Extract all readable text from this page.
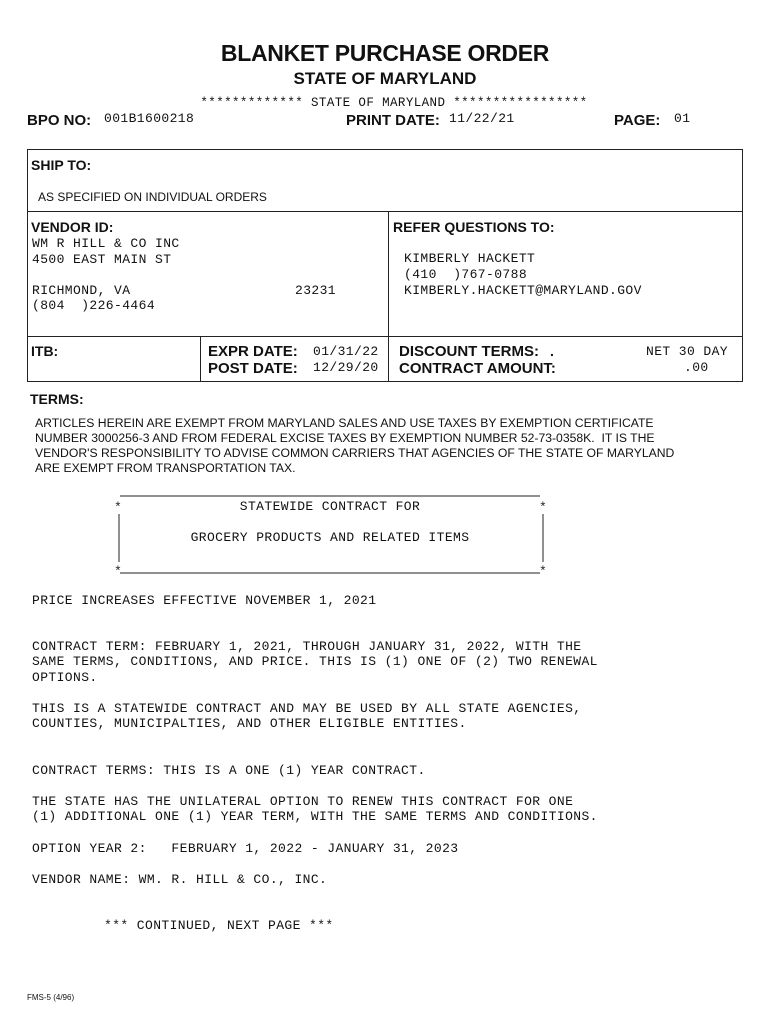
BLANKET PURCHASE ORDER
STATE OF MARYLAND
************* STATE OF MARYLAND *****************
BPO NO: 001B1600218	PRINT DATE: 11/22/21	PAGE: 01
SHIP TO:
AS SPECIFIED ON INDIVIDUAL ORDERS
VENDOR ID:
WM R HILL & CO INC
4500 EAST MAIN ST
RICHMOND, VA	23231
(804  )226-4464
REFER QUESTIONS TO:
KIMBERLY HACKETT
(410  )767-0788
KIMBERLY.HACKETT@MARYLAND.GOV
ITB:	EXPR DATE: 01/31/22
POST DATE: 12/29/20
DISCOUNT TERMS: .	NET 30 DAY
CONTRACT AMOUNT:	.00
TERMS:
ARTICLES HEREIN ARE EXEMPT FROM MARYLAND SALES AND USE TAXES BY EXEMPTION CERTIFICATE
NUMBER 3000256-3 AND FROM FEDERAL EXCISE TAXES BY EXEMPTION NUMBER 52-73-0358K.  IT IS THE
VENDOR'S RESPONSIBILITY TO ADVISE COMMON CARRIERS THAT AGENCIES OF THE STATE OF MARYLAND
ARE EXEMPT FROM TRANSPORTATION TAX.
*	*
*	*
STATEWIDE CONTRACT FOR
GROCERY PRODUCTS AND RELATED ITEMS
PRICE INCREASES EFFECTIVE NOVEMBER 1, 2021
CONTRACT TERM: FEBRUARY 1, 2021, THROUGH JANUARY 31, 2022, WITH THE
SAME TERMS, CONDITIONS, AND PRICE. THIS IS (1) ONE OF (2) TWO RENEWAL
OPTIONS.
THIS IS A STATEWIDE CONTRACT AND MAY BE USED BY ALL STATE AGENCIES,
COUNTIES, MUNICIPALTIES, AND OTHER ELIGIBLE ENTITIES.
CONTRACT TERMS: THIS IS A ONE (1) YEAR CONTRACT.
THE STATE HAS THE UNILATERAL OPTION TO RENEW THIS CONTRACT FOR ONE
(1) ADDITIONAL ONE (1) YEAR TERM, WITH THE SAME TERMS AND CONDITIONS.
OPTION YEAR 2:   FEBRUARY 1, 2022 - JANUARY 31, 2023
VENDOR NAME: WM. R. HILL & CO., INC.
*** CONTINUED, NEXT PAGE ***
FMS-5 (4/96)
